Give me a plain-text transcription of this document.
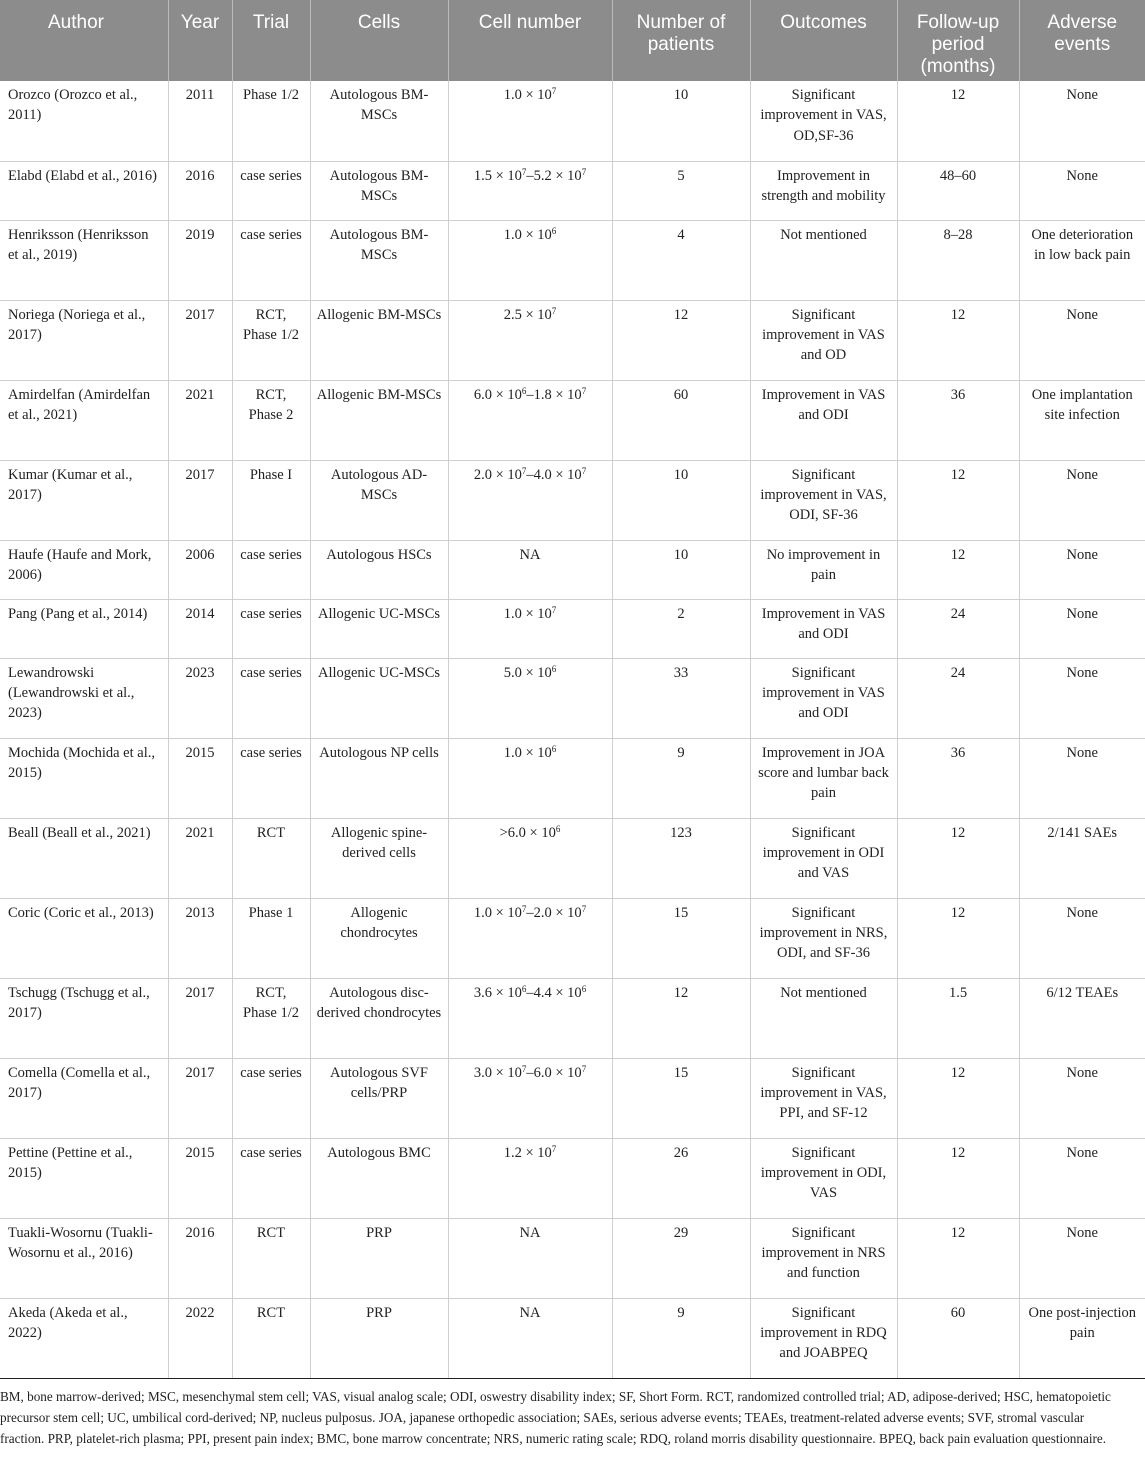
Author	Year	Trial	Cells	Cell number	Number of patients	Outcomes	Follow-up period (months)	Adverse events
Orozco (Orozco et al., 2011)	2011	Phase 1/2	Autologous BM-MSCs	$1.0 \times 10^7$	10	Significant improvement in VAS, OD,SF-36	12	None
Elabd (Elabd et al., 2016)	2016	case series	Autologous BM-MSCs	$1.5 \times 10^7-5.2 \times 10^7$	5	Improvement in strength and mobility	48–60	None
Henriksson (Henriksson et al., 2019)	2019	case series	Autologous BM-MSCs	$1.0 \times 10^6$	4	Not mentioned	8–28	One deterioration in low back pain
Noriega (Noriega et al., 2017)	2017	RCT, Phase 1/2	Allogenic BM-MSCs	$2.5 \times 10^7$	12	Significant improvement in VAS and OD	12	None
Amirdelfan (Amirdelfan et al., 2021)	2021	RCT, Phase 2	Allogenic BM-MSCs	$6.0 \times 10^6-1.8 \times 10^7$	60	Improvement in VAS and ODI	36	One implantation site infection
Kumar (Kumar et al., 2017)	2017	Phase I	Autologous AD-MSCs	$2.0 \times 10^7-4.0 \times 10^7$	10	Significant improvement in VAS, ODI, SF-36	12	None
Haufe (Haufe and Mork, 2006)	2006	case series	Autologous HSCs	NA	10	No improvement in pain	12	None
Pang (Pang et al., 2014)	2014	case series	Allogenic UC-MSCs	$1.0 \times 10^7$	2	Improvement in VAS and ODI	24	None
Lewandrowski (Lewandrowski et al., 2023)	2023	case series	Allogenic UC-MSCs	$5.0 \times 10^6$	33	Significant improvement in VAS and ODI	24	None
Mochida (Mochida et al., 2015)	2015	case series	Autologous NP cells	$1.0 \times 10^6$	9	Improvement in JOA score and lumbar back pain	36	None
Beall (Beall et al., 2021)	2021	RCT	Allogenic spine-derived cells	$>6.0 \times 10^6$	123	Significant improvement in ODI and VAS	12	2/141 SAEs
Coric (Coric et al., 2013)	2013	Phase 1	Allogenic chondrocytes	$1.0 \times 10^7-2.0 \times 10^7$	15	Significant improvement in NRS, ODI, and SF-36	12	None
Tschugg (Tschugg et al., 2017)	2017	RCT, Phase 1/2	Autologous disc-derived chondrocytes	$3.6 \times 10^6-4.4 \times 10^6$	12	Not mentioned	1.5	6/12 TEAEs
Comella (Comella et al., 2017)	2017	case series	Autologous SVF cells/PRP	$3.0 \times 10^7-6.0 \times 10^7$	15	Significant improvement in VAS, PPI, and SF-12	12	None
Pettine (Pettine et al., 2015)	2015	case series	Autologous BMC	$1.2 \times 10^7$	26	Significant improvement in ODI, VAS	12	None
Tuakli-Wosornu (Tuakli-Wosornu et al., 2016)	2016	RCT	PRP	NA	29	Significant improvement in NRS and function	12	None
Akeda (Akeda et al., 2022)	2022	RCT	PRP	NA	9	Significant improvement in RDQ and JOABPEQ	60	One post-injection pain
BM, bone marrow-derived; MSC, mesenchymal stem cell; VAS, visual analog scale; ODI, oswestry disability index; SF, Short Form. RCT, randomized controlled trial; AD, adipose-derived; HSC, hematopoietic precursor stem cell; UC, umbilical cord-derived; NP, nucleus pulposus. JOA, japanese orthopedic association; SAEs, serious adverse events; TEAEs, treatment-related adverse events; SVF, stromal vascular fraction. PRP, platelet-rich plasma; PPI, present pain index; BMC, bone marrow concentrate; NRS, numeric rating scale; RDQ, roland morris disability questionnaire. BPEQ, back pain evaluation questionnaire.
